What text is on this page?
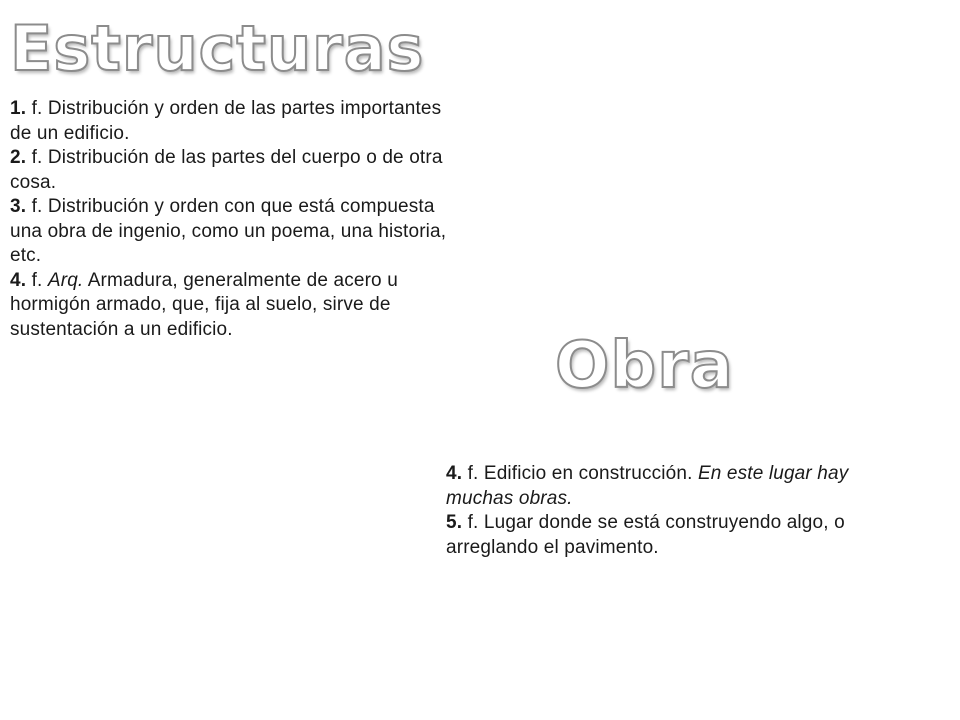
Estructuras

1. f. Distribución y orden de las partes importantes de un edificio.

2. f. Distribución de las partes del cuerpo o de otra cosa.

3. f. Distribución y orden con que está compuesta una obra de ingenio, como un poema, una historia, etc.

4. f. Arq. Armadura, generalmente de acero u hormigón armado, que, fija al suelo, sirve de sustentación a un edificio.	Obra

4. f. Edificio en construcción. En este lugar hay muchas obras.

5. f. Lugar donde se está construyendo algo, o arreglando el pavimento.
